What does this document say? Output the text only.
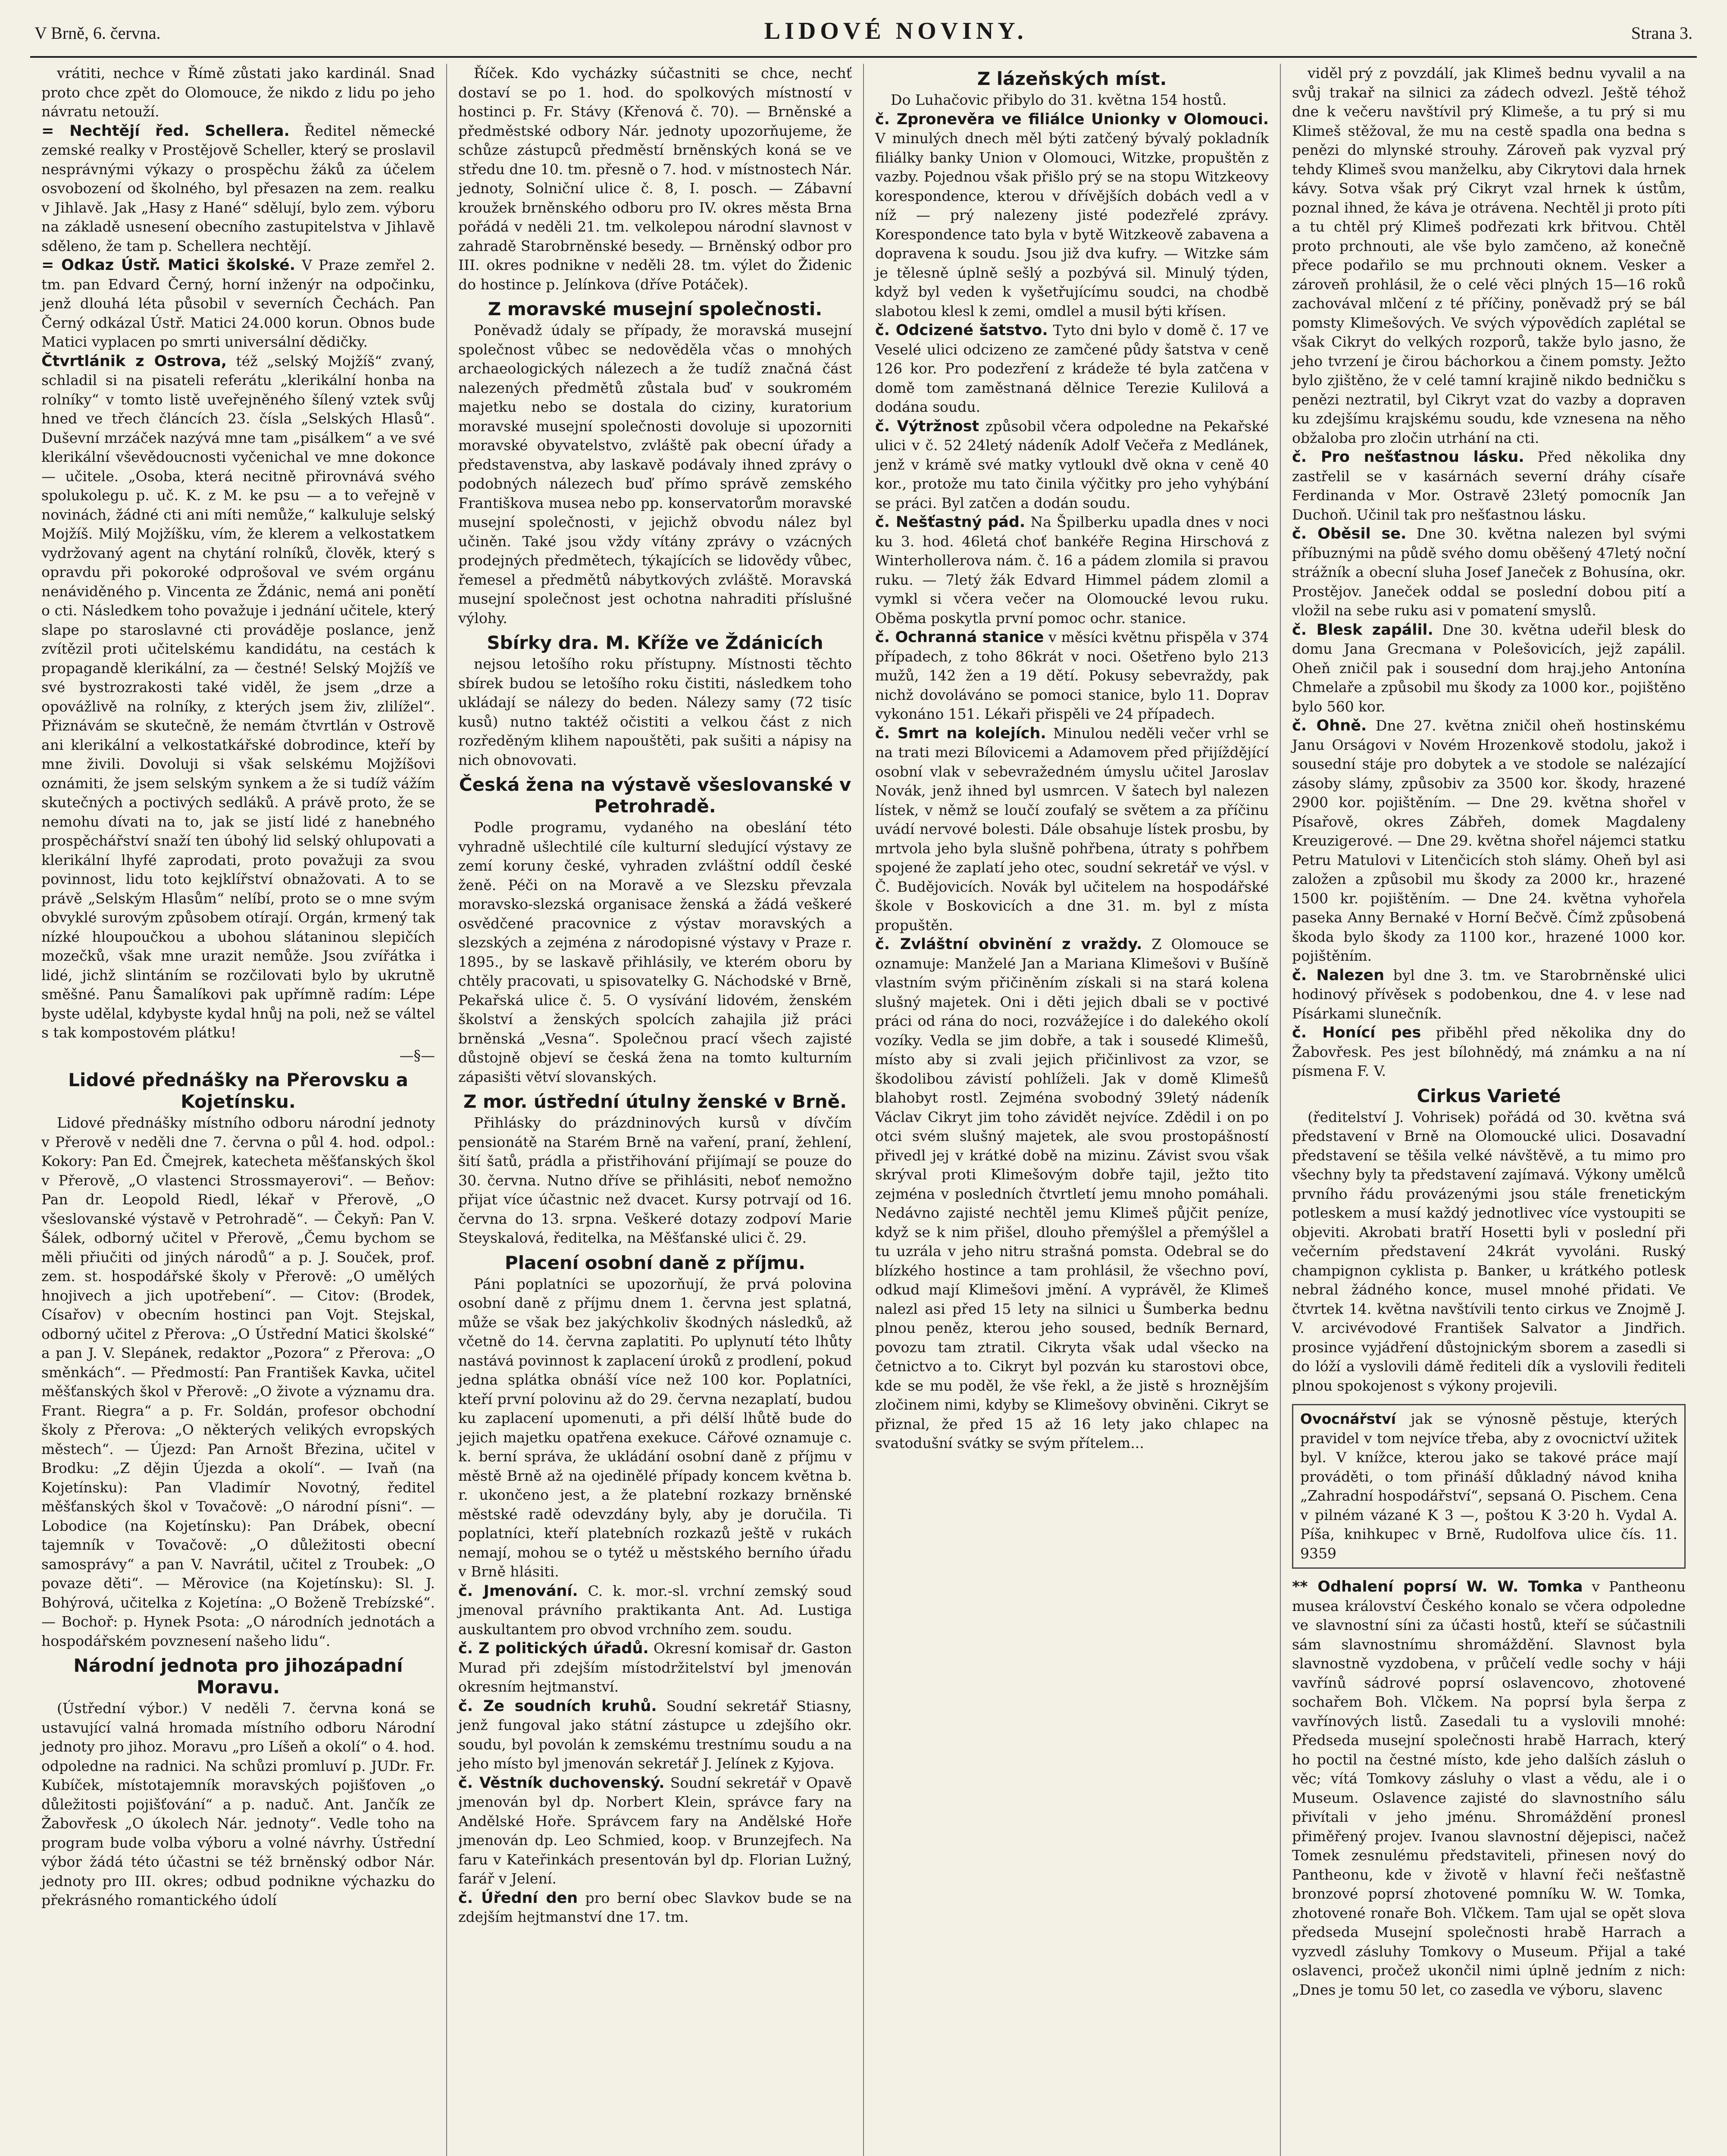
V Brně, 6. června.	LIDOVÉ NOVINY.	Strana 3.

vrátiti, nechce v Římě zůstati jako kardinál. Snad proto chce zpět do Olomouce, že nikdo z lidu po jeho návratu netouží.

= Nechtějí řed. Schellera. Ředitel německé zemské realky v Prostějově Scheller, který se proslavil nesprávnými výkazy o prospěchu žáků za účelem osvobození od školného, byl přesazen na zem. realku v Jihlavě. Jak „Hasy z Hané“ sdělují, bylo zem. výboru na základě usnesení obecního zastupitelstva v Jihlavě sděleno, že tam p. Schellera nechtějí.

= Odkaz Ústř. Matici školské. V Praze zemřel 2. tm. pan Edvard Černý, horní inženýr na odpočinku, jenž dlouhá léta působil v severních Čechách. Pan Černý odkázal Ústř. Matici 24.000 korun. Obnos bude Matici vyplacen po smrti universální dědičky.

Čtvrtlánik z Ostrova, též „selský Mojžíš“ zvaný, schladil si na pisateli referátu „klerikální honba na rolníky“ v tomto listě uveřejněného šílený vztek svůj hned ve třech článcích 23. čísla „Selských Hlasů“. Duševní mrzáček nazývá mne tam „pisálkem“ a ve své klerikální vševědoucnosti vyčenichal ve mne dokonce — učitele. „Osoba, která necitně přirovnává svého spolukolegu p. uč. K. z M. ke psu — a to veřejně v novinách, žádné cti ani míti nemůže,“ kalkuluje selský Mojžíš. Milý Mojžíšku, vím, že klerem a velkostatkem vydržovaný agent na chytání rolníků, člověk, který s opravdu při pokoroké odprošoval ve svém orgánu nenáviděného p. Vincenta ze Ždánic, nemá ani ponětí o cti. Následkem toho považuje i jednání učitele, který slape po staroslavné cti prováděje poslance, jenž zvítězil proti učitelskému kandidátu, na cestách k propagandě klerikální, za — čestné! Selský Mojžíš ve své bystrozrakosti také viděl, že jsem „drze a opovážlivě na rolníky, z kterých jsem živ, zlilížel“. Přiznávám se skutečně, že nemám čtvrtlán v Ostrově ani klerikální a velkostatkářské dobrodince, kteří by mne živili. Dovoluji si však selskému Mojžíšovi oznámiti, že jsem selským synkem a že si tudíž vážím skutečných a poctivých sedláků. A právě proto, že se nemohu dívati na to, jak se jistí lidé z hanebného prospěchářství snaží ten úbohý lid selský ohlupovati a klerikální lhyfé zaprodati, proto považuji za svou povinnost, lidu toto kejklířství obnažovati. A to se právě „Selským Hlasům“ nelíbí, proto se o mne svým obvyklé surovým způsobem otírají. Orgán, krmený tak nízké hloupoučkou a ubohou slátaninou slepičích mozečků, však mne urazit nemůže. Jsou zvířátka i lidé, jichž slintáním se rozčilovati bylo by ukrutně směšné. Panu Šamalíkovi pak upřímně radím: Lépe byste udělal, kdybyste kydal hnůj na poli, než se váltel s tak kompostovém plátku!

—§—

Lidové přednášky na Přerovsku a Kojetínsku.

Lidové přednášky místního odboru národní jednoty v Přerově v neděli dne 7. června o půl 4. hod. odpol.: Kokory: Pan Ed. Čmejrek, katecheta měšťanských škol v Přerově, „O vlastenci Strossmayerovi“. — Beňov: Pan dr. Leopold Riedl, lékař v Přerově, „O všeslovanské výstavě v Petrohradě“. — Čekyň: Pan V. Šálek, odborný učitel v Přerově, „Čemu bychom se měli přiučiti od jiných národů“ a p. J. Souček, prof. zem. st. hospodářské školy v Přerově: „O umělých hnojivech a jich upotřebení“. — Citov: (Brodek, Císařov) v obecním hostinci pan Vojt. Stejskal, odborný učitel z Přerova: „O Ústřední Matici školské“ a pan J. V. Slepánek, redaktor „Pozora“ z Přerova: „O směnkách“. — Předmostí: Pan František Kavka, učitel měšťanských škol v Přerově: „O živote a významu dra. Frant. Riegra“ a p. Fr. Soldán, profesor obchodní školy z Přerova: „O některých velikých evropských městech“. — Újezd: Pan Arnošt Březina, učitel v Brodku: „Z dějin Újezda a okolí“. — Ivaň (na Kojetínsku): Pan Vladimír Novotný, ředitel měšťanských škol v Tovačově: „O národní písni“. — Lobodice (na Kojetínsku): Pan Drábek, obecní tajemník v Tovačově: „O důležitosti obecní samosprávy“ a pan V. Navrátil, učitel z Troubek: „O povaze děti“. — Měrovice (na Kojetínsku): Sl. J. Bohýrová, učitelka z Kojetína: „O Boženě Trebízské“. — Bochoř: p. Hynek Psota: „O národních jednotách a hospodářském povznesení našeho lidu“.

Národní jednota pro jihozápadní Moravu.

(Ústřední výbor.) V neděli 7. června koná se ustavující valná hromada místního odboru Národní jednoty pro jihoz. Moravu „pro Líšeň a okolí“ o 4. hod. odpoledne na radnici. Na schůzi promluví p. JUDr. Fr. Kubíček, místotajemník moravských pojišťoven „o důležitosti pojišťování“ a p. naduč. Ant. Jančík ze Žabovřesk „O úkolech Nár. jednoty“. Vedle toho na program bude volba výboru a volné návrhy. Ústřední výbor žádá této účastni se též brněnský odbor Nár. jednoty pro III. okres; odbud podnikne výchazku do překrásného romantického údolí

Říček. Kdo vycházky súčastniti se chce, nechť dostaví se po 1. hod. do spolkových místností v hostinci p. Fr. Stávy (Křenová č. 70). — Brněnské a předměstské odbory Nár. jednoty upozorňujeme, že schůze zástupců předměstí brněnských koná se ve středu dne 10. tm. přesně o 7. hod. v místnostech Nár. jednoty, Solniční ulice č. 8, I. posch. — Zábavní kroužek brněnského odboru pro IV. okres města Brna pořádá v neděli 21. tm. velkolepou národní slavnost v zahradě Starobrněnské besedy. — Brněnský odbor pro III. okres podnikne v neděli 28. tm. výlet do Židenic do hostince p. Jelínkova (dříve Potáček).

Z moravské musejní společnosti.

Poněvadž údaly se případy, že moravská musejní společnost vůbec se nedověděla včas o mnohých archaeologických nálezech a že tudíž značná část nalezených předmětů zůstala buď v soukromém majetku nebo se dostala do ciziny, kuratorium moravské musejní společnosti dovoluje si upozorniti moravské obyvatelstvo, zvláště pak obecní úřady a představenstva, aby laskavě podávaly ihned zprávy o podobných nálezech buď přímo správě zemského Františkova musea nebo pp. konservatorům moravské musejní společnosti, v jejichž obvodu nález byl učiněn. Také jsou vždy vítány zprávy o vzácných prodejných předmětech, týkajících se lidovědy vůbec, řemesel a předmětů nábytkových zvláště. Moravská musejní společnost jest ochotna nahraditi příslušné výlohy.

Sbírky dra. M. Kříže ve Ždánicích

nejsou letošího roku přístupny. Místnosti těchto sbírek budou se letošího roku čistiti, následkem toho ukládají se nálezy do beden. Nálezy samy (72 tisíc kusů) nutno taktéž očistiti a velkou část z nich rozředěným klihem napouštěti, pak sušiti a nápisy na nich obnovovati.

Česká žena na výstavě všeslovanské v Petrohradě.

Podle programu, vydaného na obeslání této vyhradně ušlechtilé cíle kulturní sledující výstavy ze zemí koruny české, vyhraden zvláštní oddíl české ženě. Péči on na Moravě a ve Slezsku převzala moravsko-slezská organisace ženská a žádá veškeré osvědčené pracovnice z výstav moravských a slezských a zejména z národopisné výstavy v Praze r. 1895., by se laskavě přihlásily, ve kterém oboru by chtěly pracovati, u spisovatelky G. Náchodské v Brně, Pekařská ulice č. 5. O vysívání lidovém, ženském školství a ženských spolcích zahajila již práci brněnská „Vesna“. Společnou prací všech zajisté důstojně objeví se česká žena na tomto kulturním zápasišti větví slovanských.

Z mor. ústřední útulny ženské v Brně.

Přihlásky do prázdninových kursů v dívčím pensionátě na Starém Brně na vaření, praní, žehlení, šití šatů, prádla a přistřihování přijímají se pouze do 30. června. Nutno dříve se přihlásiti, neboť nemožno přijat více účastnic než dvacet. Kursy potrvají od 16. června do 13. srpna. Veškeré dotazy zodpoví Marie Steyskalová, ředitelka, na Měšťanské ulici č. 29.

Placení osobní daně z příjmu.

Páni poplatníci se upozorňují, že prvá polovina osobní daně z příjmu dnem 1. června jest splatná, může se však bez jakýchkoliv škodných následků, až včetně do 14. června zaplatiti. Po uplynutí této lhůty nastává povinnost k zaplacení úroků z prodlení, pokud jedna splátka obnáší více než 100 kor. Poplatníci, kteří první polovinu až do 29. června nezaplatí, budou ku zaplacení upomenuti, a při délší lhůtě bude do jejich majetku opatřena exekuce. Cářové oznamuje c. k. berní správa, že ukládání osobní daně z příjmu v městě Brně až na ojedinělé případy koncem května b. r. ukončeno jest, a že platební rozkazy brněnské městské radě odevzdány byly, aby je doručila. Ti poplatníci, kteří platebních rozkazů ještě v rukách nemají, mohou se o tytéž u městského berního úřadu v Brně hlásiti.

č. Jmenování. C. k. mor.-sl. vrchní zemský soud jmenoval právního praktikanta Ant. Ad. Lustiga auskultantem pro obvod vrchního zem. soudu.

č. Z politických úřadů. Okresní komisař dr. Gaston Murad při zdejším místodržitelství byl jmenován okresním hejtmanství.

č. Ze soudních kruhů. Soudní sekretář Stiasny, jenž fungoval jako státní zástupce u zdejšího okr. soudu, byl povolán k zemskému trestnímu soudu a na jeho místo byl jmenován sekretář J. Jelínek z Kyjova.

č. Věstník duchovenský. Soudní sekretář v Opavě jmenován byl dp. Norbert Klein, správce fary na Andělské Hoře. Správcem fary na Andělské Hoře jmenován dp. Leo Schmied, koop. v Brunzejfech. Na faru v Kateřinkách presentován byl dp. Florian Lužný, farář v Jelení.

č. Úřední den pro berní obec Slavkov bude se na zdejším hejtmanství dne 17. tm.

Z lázeňských míst.

Do Luhačovic přibylo do 31. května 154 hostů.

č. Zpronevěra ve filiálce Unionky v Olomouci. V minulých dnech měl býti zatčený bývalý pokladník filiálky banky Union v Olomouci, Witzke, propuštěn z vazby. Pojednou však přišlo prý se na stopu Witzkeovy korespondence, kterou v dřívějších dobách vedl a v níž — prý nalezeny jisté podezřelé zprávy. Korespondence tato byla v bytě Witzkeově zabavena a dopravena k soudu. Jsou již dva kufry. — Witzke sám je tělesně úplně sešlý a pozbývá sil. Minulý týden, když byl veden k vyšetřujícímu soudci, na chodbě slabotou klesl k zemi, omdlel a musil býti křísen.

č. Odcizené šatstvo. Tyto dni bylo v domě č. 17 ve Veselé ulici odcizeno ze zamčené půdy šatstva v ceně 126 kor. Pro podezření z krádeže té byla zatčena v domě tom zaměstnaná dělnice Terezie Kulilová a dodána soudu.

č. Výtržnost způsobil včera odpoledne na Pekařské ulici v č. 52 24letý nádeník Adolf Večeřa z Medlánek, jenž v krámě své matky vytloukl dvě okna v ceně 40 kor., protože mu tato činila výčitky pro jeho vyhýbání se práci. Byl zatčen a dodán soudu.

č. Nešťastný pád. Na Špilberku upadla dnes v noci ku 3. hod. 46letá choť bankéře Regina Hirschová z Winterhollerova nám. č. 16 a pádem zlomila si pravou ruku. — 7letý žák Edvard Himmel pádem zlomil a vymkl si včera večer na Olomoucké levou ruku. Oběma poskytla první pomoc ochr. stanice.

č. Ochranná stanice v měsíci květnu přispěla v 374 případech, z toho 86krát v noci. Ošetřeno bylo 213 mužů, 142 žen a 19 dětí. Pokusy sebevraždy, pak nichž dovoláváno se pomoci stanice, bylo 11. Doprav vykonáno 151. Lékaři přispěli ve 24 případech.

č. Smrt na kolejích. Minulou neděli večer vrhl se na trati mezi Bílovicemi a Adamovem před přijíždějící osobní vlak v sebevražedném úmyslu učitel Jaroslav Novák, jenž ihned byl usmrcen. V šatech byl nalezen lístek, v němž se loučí zoufalý se světem a za příčinu uvádí nervové bolesti. Dále obsahuje lístek prosbu, by mrtvola jeho byla slušně pohřbena, útraty s pohřbem spojené že zaplatí jeho otec, soudní sekretář ve výsl. v Č. Budějovicích. Novák byl učitelem na hospodářské škole v Boskovicích a dne 31. m. byl z místa propuštěn.

č. Zvláštní obvinění z vraždy. Z Olomouce se oznamuje: Manželé Jan a Mariana Klimešovi v Bušíně vlastním svým přičiněním získali si na stará kolena slušný majetek. Oni i děti jejich dbali se v poctivé práci od rána do noci, rozvážejíce i do dalekého okolí vozíky. Vedla se jim dobře, a tak i sousedé Klimešů, místo aby si zvali jejich přičinlivost za vzor, se škodolibou závistí pohlíželi. Jak v domě Klimešů blahobyt rostl. Zejména svobodný 39letý nádeník Václav Cikryt jim toho závidět nejvíce. Zdědil i on po otci svém slušný majetek, ale svou prostopášností přivedl jej v krátké době na mizinu. Závist svou však skrýval proti Klimešovým dobře tajil, ježto tito zejména v posledních čtvrtletí jemu mnoho pomáhali. Nedávno zajisté nechtěl jemu Klimeš půjčit peníze, když se k nim přišel, dlouho přemýšlel a přemýšlel a tu uzrála v jeho nitru strašná pomsta. Odebral se do blízkého hostince a tam prohlásil, že všechno poví, odkud mají Klimešovi jmění. A vyprávěl, že Klimeš nalezl asi před 15 lety na silnici u Šumberka bednu plnou peněz, kterou jeho soused, bedník Bernard, povozu tam ztratil. Cikryta však udal všecko na četnictvo a to. Cikryt byl pozván ku starostovi obce, kde se mu poděl, že vše řekl, a že jistě s hroznějším zločinem nimi, kdyby se Klimešovy obviněni. Cikryt se přiznal, že před 15 až 16 lety jako chlapec na svatodušní svátky se svým přítelem...

viděl prý z povzdálí, jak Klimeš bednu vyvalil a na svůj trakař na silnici za zádech odvezl. Ještě téhož dne k večeru navštívil prý Klimeše, a tu prý si mu Klimeš stěžoval, že mu na cestě spadla ona bedna s penězi do mlynské strouhy. Zároveň pak vyzval prý tehdy Klimeš svou manželku, aby Cikrytovi dala hrnek kávy. Sotva však prý Cikryt vzal hrnek k ústům, poznal ihned, že káva je otrávena. Nechtěl ji proto píti a tu chtěl prý Klimeš podřezati krk břitvou. Chtěl proto prchnouti, ale vše bylo zamčeno, až konečně přece podařilo se mu prchnouti oknem. Vesker a zároveň prohlásil, že o celé věci plných 15—16 roků zachovával mlčení z té příčiny, poněvadž prý se bál pomsty Klimešových. Ve svých výpovědích zaplétal se však Cikryt do velkých rozporů, takže bylo jasno, že jeho tvrzení je čirou báchorkou a činem pomsty. Ježto bylo zjištěno, že v celé tamní krajině nikdo bedničku s penězi neztratil, byl Cikryt vzat do vazby a dopraven ku zdejšímu krajskému soudu, kde vznesena na něho obžaloba pro zločin utrhání na cti.

č. Pro nešťastnou lásku. Před několika dny zastřelil se v kasárnách severní dráhy císaře Ferdinanda v Mor. Ostravě 23letý pomocník Jan Duchoň. Učinil tak pro nešťastnou lásku.

č. Oběsil se. Dne 30. května nalezen byl svými příbuznými na půdě svého domu oběšený 47letý noční strážník a obecní sluha Josef Janeček z Bohusína, okr. Prostějov. Janeček oddal se poslední dobou pití a vložil na sebe ruku asi v pomatení smyslů.

č. Blesk zapálil. Dne 30. května udeřil blesk do domu Jana Grecmana v Polešovicích, jejž zapálil. Oheň zničil pak i sousední dom hraj.jeho Antonína Chmelaře a způsobil mu škody za 1000 kor., pojištěno bylo 560 kor.

č. Ohně. Dne 27. května zničil oheň hostinskému Janu Orságovi v Novém Hrozenkově stodolu, jakož i sousední stáje pro dobytek a ve stodole se nalézající zásoby slámy, způsobiv za 3500 kor. škody, hrazené 2900 kor. pojištěním. — Dne 29. května shořel v Písařově, okres Zábřeh, domek Magdaleny Kreuzigerové. — Dne 29. května shořel nájemci statku Petru Matulovi v Litenčicích stoh slámy. Oheň byl asi založen a způsobil mu škody za 2000 kr., hrazené 1500 kr. pojištěním. — Dne 24. května vyhořela paseka Anny Bernaké v Horní Bečvě. Čímž způsobená škoda bylo škody za 1100 kor., hrazené 1000 kor. pojištěním.

č. Nalezen byl dne 3. tm. ve Starobrněnské ulici hodinový přívěsek s podobenkou, dne 4. v lese nad Písárkami slunečník.

č. Honící pes přiběhl před několika dny do Žabovřesk. Pes jest bílohnědý, má známku a na ní písmena F. V.

Cirkus Varieté

(ředitelství J. Vohrisek) pořádá od 30. května svá představení v Brně na Olomoucké ulici. Dosavadní představení se těšila velké návštěvě, a tu mimo pro všechny byly ta představení zajímavá. Výkony umělců prvního řádu provázenými jsou stále frenetickým potleskem a musí každý jednotlivec více vystoupiti se objeviti. Akrobati bratří Hosetti byli v poslední při večerním představení 24krát vyvoláni. Ruský champignon cyklista p. Banker, u krátkého potlesk nebral žádného konce, musel mnohé přidati. Ve čtvrtek 14. května navštívili tento cirkus ve Znojmě J. V. arcivévodové František Salvator a Jindřich. prosince vyjádření důstojnickým sborem a zasedli si do lóží a vyslovili dámě řediteli dík a vyslovili řediteli plnou spokojenost s výkony projevili.

Ovocnářství jak se výnosně pěstuje, kterých pravidel v tom nejvíce třeba, aby z ovocnictví užitek byl. V knížce, kterou jako se takové práce mají prováděti, o tom přináší důkladný návod kniha „Zahradní hospodářství“, sepsaná O. Pischem. Cena v pilném vázané K 3 —, poštou K 3·20 h. Vydal A. Píša, knihkupec v Brně, Rudolfova ulice čís. 11. 9359

** Odhalení poprsí W. W. Tomka v Pantheonu musea království Českého konalo se včera odpoledne ve slavnostní síni za účasti hostů, kteří se súčastnili sám slavnostnímu shromáždění. Slavnost byla slavnostně vyzdobena, v průčelí vedle sochy v háji vavřínů sádrové poprsí oslavencovo, zhotovené sochařem Boh. Vlčkem. Na poprsí byla šerpa z vavřínových listů. Zasedali tu a vyslovili mnohé: Předseda musejní společnosti hrabě Harrach, který ho poctil na čestné místo, kde jeho dalších zásluh o věc; vítá Tomkovy zásluhy o vlast a vědu, ale i o Museum. Oslavence zajisté do slavnostního sálu přivítali v jeho jménu. Shromáždění pronesl přiměřený projev. Ivanou slavnostní dějepisci, načež Tomek zesnulému představiteli, přinesen nový do Pantheonu, kde v životě v hlavní řeči nešťastně bronzové poprsí zhotovené pomníku W. W. Tomka, zhotovené ronaře Boh. Vlčkem. Tam ujal se opět slova předseda Musejní společnosti hrabě Harrach a vyzvedl zásluhy Tomkovy o Museum. Přijal a také oslavenci, pročež ukončil nimi úplně jedním z nich: „Dnes je tomu 50 let, co zasedla ve výboru, slavenc
